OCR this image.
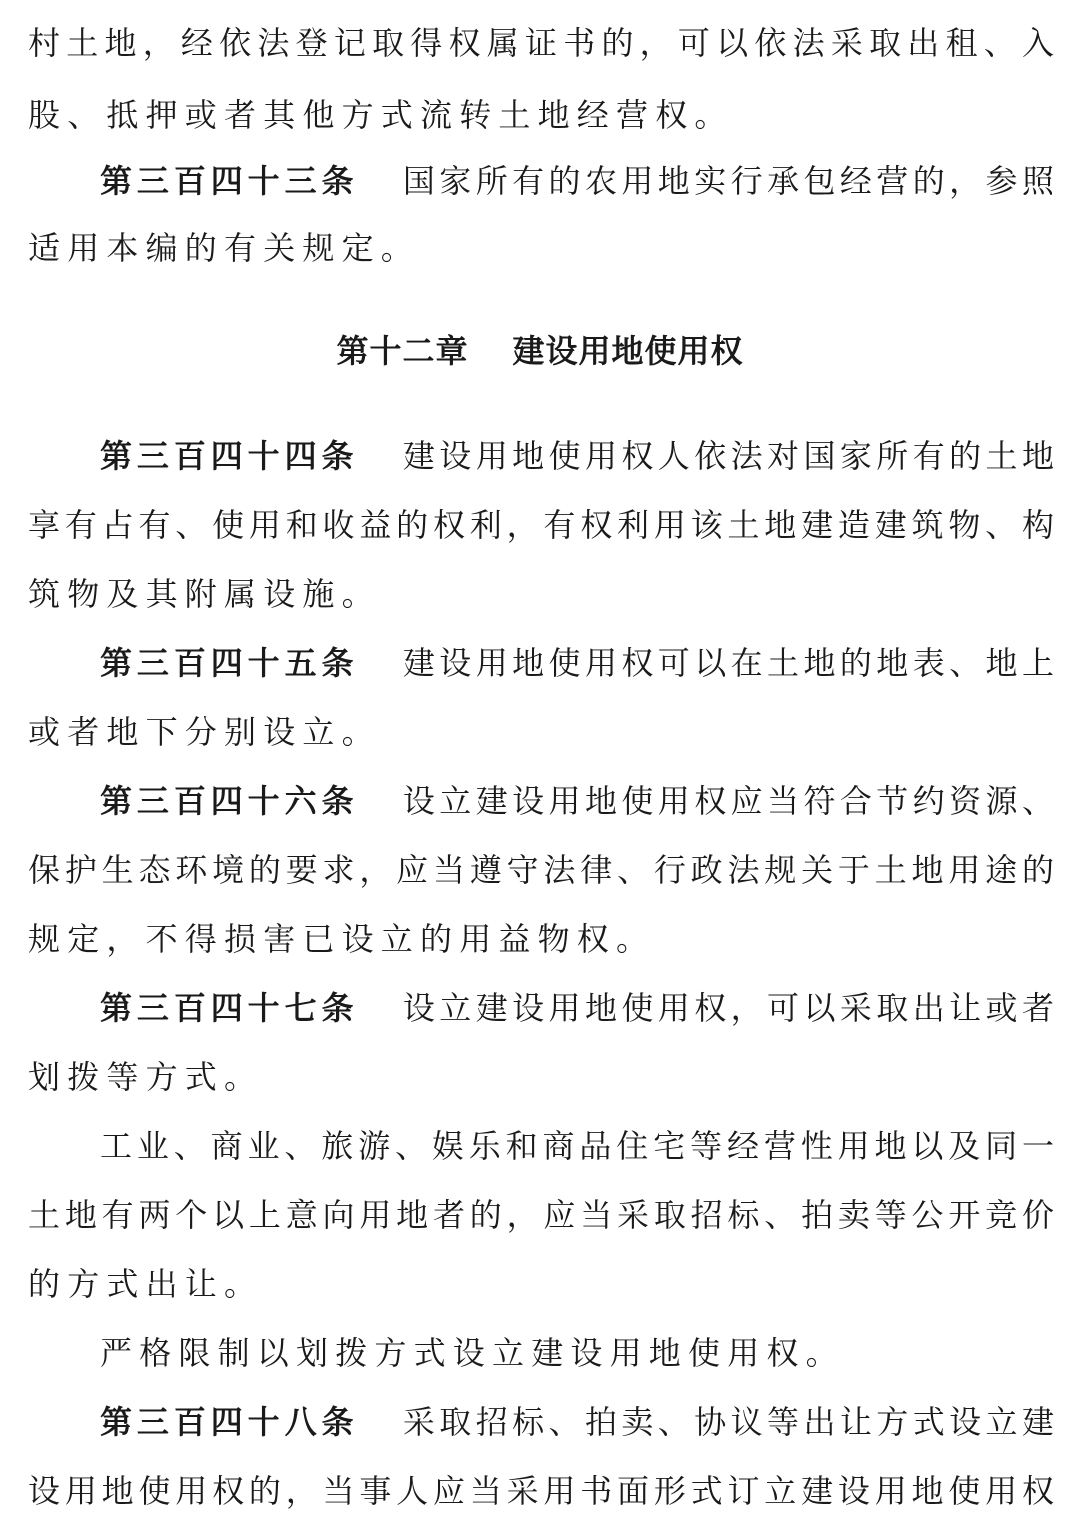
村土地，经依法登记取得权属证书的，可以依法采取出租、入
股、抵押或者其他方式流转土地经营权。
第三百四十三条 国家所有的农用地实行承包经营的，参照
适用本编的有关规定。
第十二章 建设用地使用权
第三百四十四条 建设用地使用权人依法对国家所有的土地
享有占有、使用和收益的权利，有权利用该土地建造建筑物、构
筑物及其附属设施。
第三百四十五条 建设用地使用权可以在土地的地表、地上
或者地下分别设立。
第三百四十六条 设立建设用地使用权应当符合节约资源、
保护生态环境的要求，应当遵守法律、行政法规关于土地用途的
规定，不得损害已设立的用益物权。
第三百四十七条 设立建设用地使用权，可以采取出让或者
划拨等方式。
工业、商业、旅游、娱乐和商品住宅等经营性用地以及同一
土地有两个以上意向用地者的，应当采取招标、拍卖等公开竞价
的方式出让。
严格限制以划拨方式设立建设用地使用权。
第三百四十八条 采取招标、拍卖、协议等出让方式设立建
设用地使用权的，当事人应当采用书面形式订立建设用地使用权
